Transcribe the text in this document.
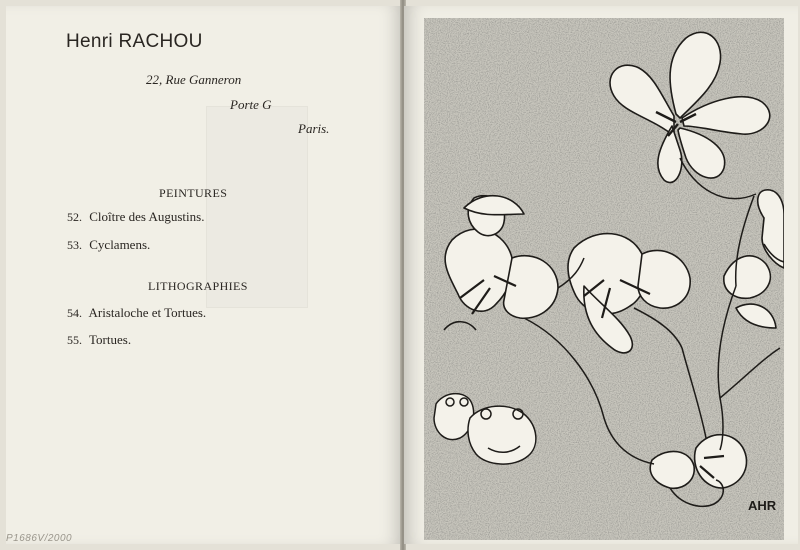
Henri RACHOU
22, Rue Ganneron
Porte G
Paris.
PEINTURES
52. Cloître des Augustins.
53. Cyclamens.
LITHOGRAPHIES
54. Aristaloche et Tortues.
55. Tortues.
P1686V/2000
AHR
